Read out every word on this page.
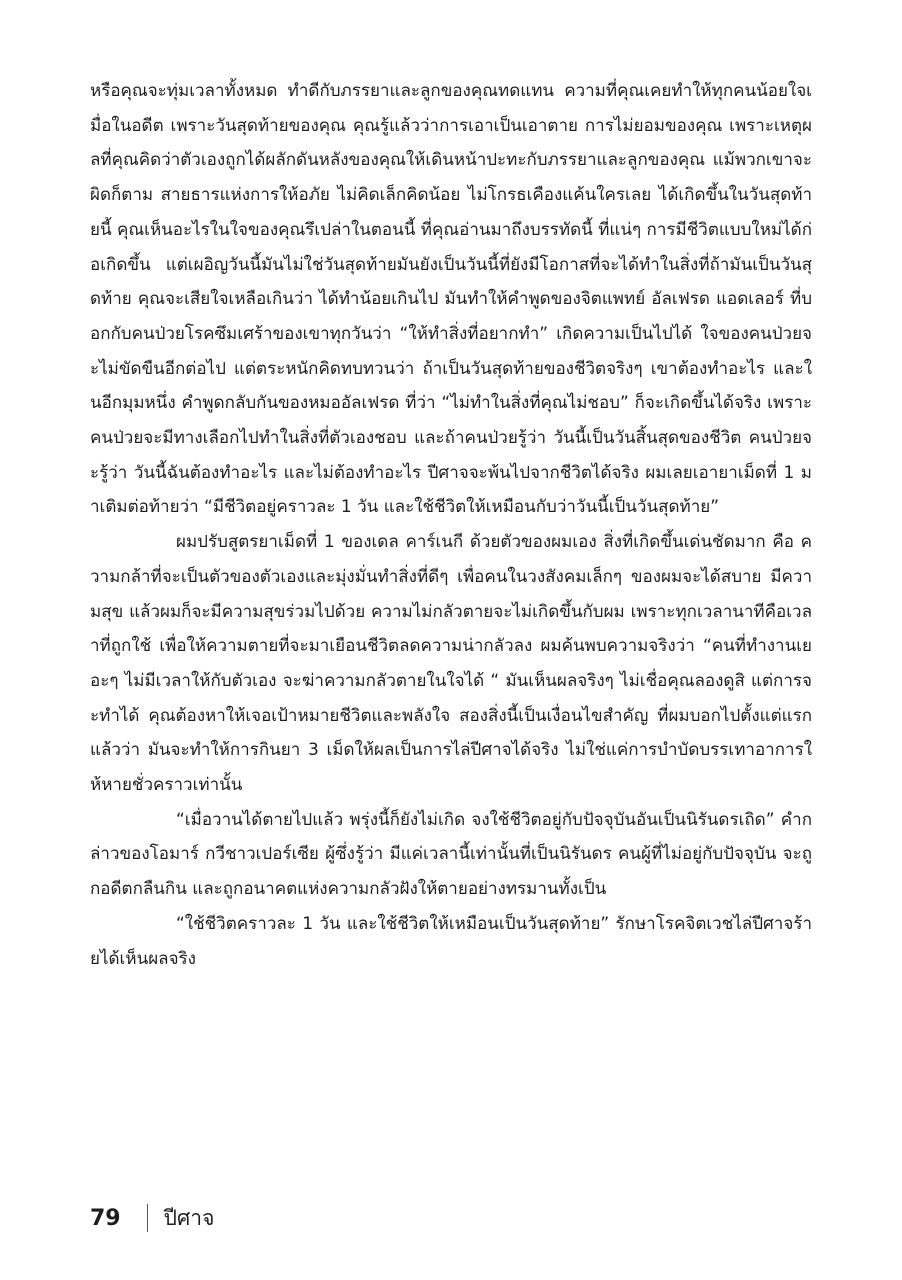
หรือคุณจะทุ่มเวลาทั้งหมด ทำดีกับภรรยาและลูกของคุณทดแทน ความที่คุณเคยทำให้ทุกคนน้อยใจเมื่อในอดีต เพราะวันสุดท้ายของคุณ คุณรู้แล้วว่าการเอาเป็นเอาตาย การไม่ยอมของคุณ เพราะเหตุผลที่คุณคิดว่าตัวเองถูกได้ผลักดันหลังของคุณให้เดินหน้าปะทะกับภรรยาและลูกของคุณ แม้พวกเขาจะผิดก็ตาม สายธารแห่งการให้อภัย ไม่คิดเล็กคิดน้อย ไม่โกรธเคืองแค้นใครเลย ได้เกิดขึ้นในวันสุดท้ายนี้ คุณเห็นอะไรในใจของคุณรึเปล่าในตอนนี้ ที่คุณอ่านมาถึงบรรทัดนี้ ที่แน่ๆ การมีชีวิตแบบใหม่ได้ก่อเกิดขึ้น แต่เผอิญวันนี้มันไม่ใช่วันสุดท้ายมันยังเป็นวันนี้ที่ยังมีโอกาสที่จะได้ทำในสิ่งที่ถ้ามันเป็นวันสุดท้าย คุณจะเสียใจเหลือเกินว่า ได้ทำน้อยเกินไป มันทำให้คำพูดของจิตแพทย์ อัลเฟรด แอดเลอร์ ที่บอกกับคนป่วยโรคซึมเศร้าของเขาทุกวันว่า “ให้ทำสิ่งที่อยากทำ” เกิดความเป็นไปได้ ใจของคนป่วยจะไม่ขัดขืนอีกต่อไป แต่ตระหนักคิดทบทวนว่า ถ้าเป็นวันสุดท้ายของชีวิตจริงๆ เขาต้องทำอะไร และในอีกมุมหนึ่ง คำพูดกลับกันของหมออัลเฟรด ที่ว่า “ไม่ทำในสิ่งที่คุณไม่ชอบ” ก็จะเกิดขึ้นได้จริง เพราะคนป่วยจะมีทางเลือกไปทำในสิ่งที่ตัวเองชอบ และถ้าคนป่วยรู้ว่า วันนี้เป็นวันสิ้นสุดของชีวิต คนป่วยจะรู้ว่า วันนี้ฉันต้องทำอะไร และไม่ต้องทำอะไร ปีศาจจะพ้นไปจากชีวิตได้จริง ผมเลยเอายาเม็ดที่ 1 มาเติมต่อท้ายว่า “มีชีวิตอยู่คราวละ 1 วัน และใช้ชีวิตให้เหมือนกับว่าวันนี้เป็นวันสุดท้าย”

ผมปรับสูตรยาเม็ดที่ 1 ของเดล คาร์เนกี ด้วยตัวของผมเอง สิ่งที่เกิดขึ้นเด่นชัดมาก คือ ความกล้าที่จะเป็นตัวของตัวเองและมุ่งมั่นทำสิ่งที่ดีๆ เพื่อคนในวงสังคมเล็กๆ ของผมจะได้สบาย มีความสุข แล้วผมก็จะมีความสุขร่วมไปด้วย ความไม่กลัวตายจะไม่เกิดขึ้นกับผม เพราะทุกเวลานาทีคือเวลาที่ถูกใช้ เพื่อให้ความตายที่จะมาเยือนชีวิตลดความน่ากลัวลง ผมค้นพบความจริงว่า “คนที่ทำงานเยอะๆ ไม่มีเวลาให้กับตัวเอง จะฆ่าความกลัวตายในใจได้ “ มันเห็นผลจริงๆ ไม่เชื่อคุณลองดูสิ แต่การจะทำได้ คุณต้องหาให้เจอเป้าหมายชีวิตและพลังใจ สองสิ่งนี้เป็นเงื่อนไขสำคัญ ที่ผมบอกไปตั้งแต่แรกแล้วว่า มันจะทำให้การกินยา 3 เม็ดให้ผลเป็นการไล่ปีศาจได้จริง ไม่ใช่แค่การบำบัดบรรเทาอาการให้หายชั่วคราวเท่านั้น

“เมื่อวานได้ตายไปแล้ว พรุ่งนี้ก็ยังไม่เกิด จงใช้ชีวิตอยู่กับปัจจุบันอันเป็นนิรันดรเถิด” คำกล่าวของโอมาร์ กวีชาวเปอร์เซีย ผู้ซึ่งรู้ว่า มีแค่เวลานี้เท่านั้นที่เป็นนิรันดร คนผู้ที่ไม่อยู่กับปัจจุบัน จะถูกอดีตกลืนกิน และถูกอนาคตแห่งความกลัวฝังให้ตายอย่างทรมานทั้งเป็น

“ใช้ชีวิตคราวละ 1 วัน และใช้ชีวิตให้เหมือนเป็นวันสุดท้าย” รักษาโรคจิตเวชไล่ปีศาจร้ายได้เห็นผลจริง

79 ปีศาจ
